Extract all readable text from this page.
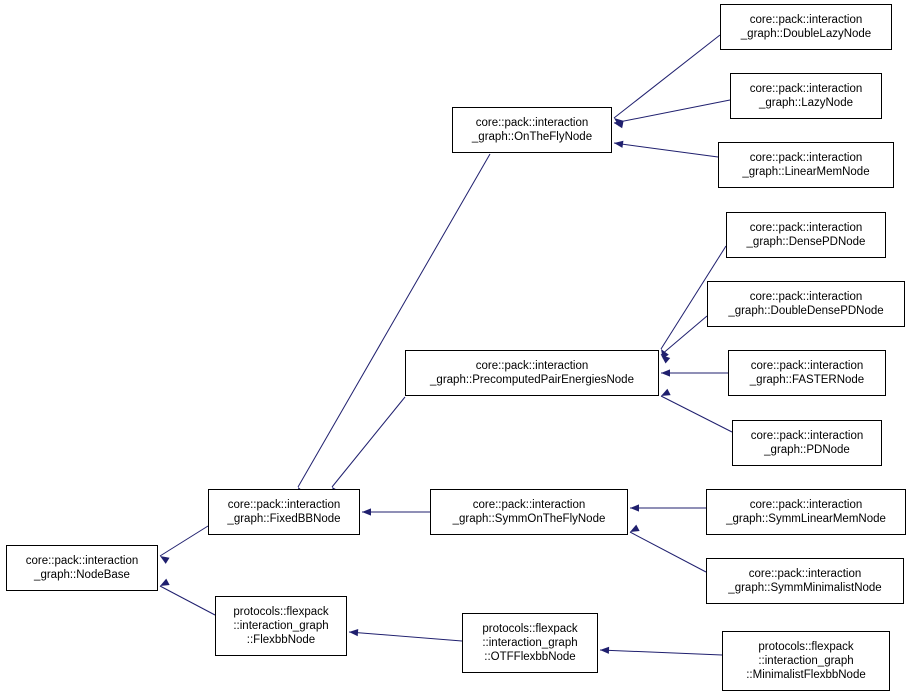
core::pack::interaction
_graph::DoubleLazyNode
core::pack::interaction
_graph::LazyNode
core::pack::interaction
_graph::LinearMemNode
core::pack::interaction
_graph::OnTheFlyNode
core::pack::interaction
_graph::DensePDNode
core::pack::interaction
_graph::DoubleDensePDNode
core::pack::interaction
_graph::FASTERNode
core::pack::interaction
_graph::PDNode
core::pack::interaction
_graph::PrecomputedPairEnergiesNode
core::pack::interaction
_graph::FixedBBNode
core::pack::interaction
_graph::SymmOnTheFlyNode
core::pack::interaction
_graph::SymmLinearMemNode
core::pack::interaction
_graph::SymmMinimalistNode
core::pack::interaction
_graph::NodeBase
protocols::flexpack
::interaction_graph
::FlexbbNode
protocols::flexpack
::interaction_graph
::OTFFlexbbNode
protocols::flexpack
::interaction_graph
::MinimalistFlexbbNode
